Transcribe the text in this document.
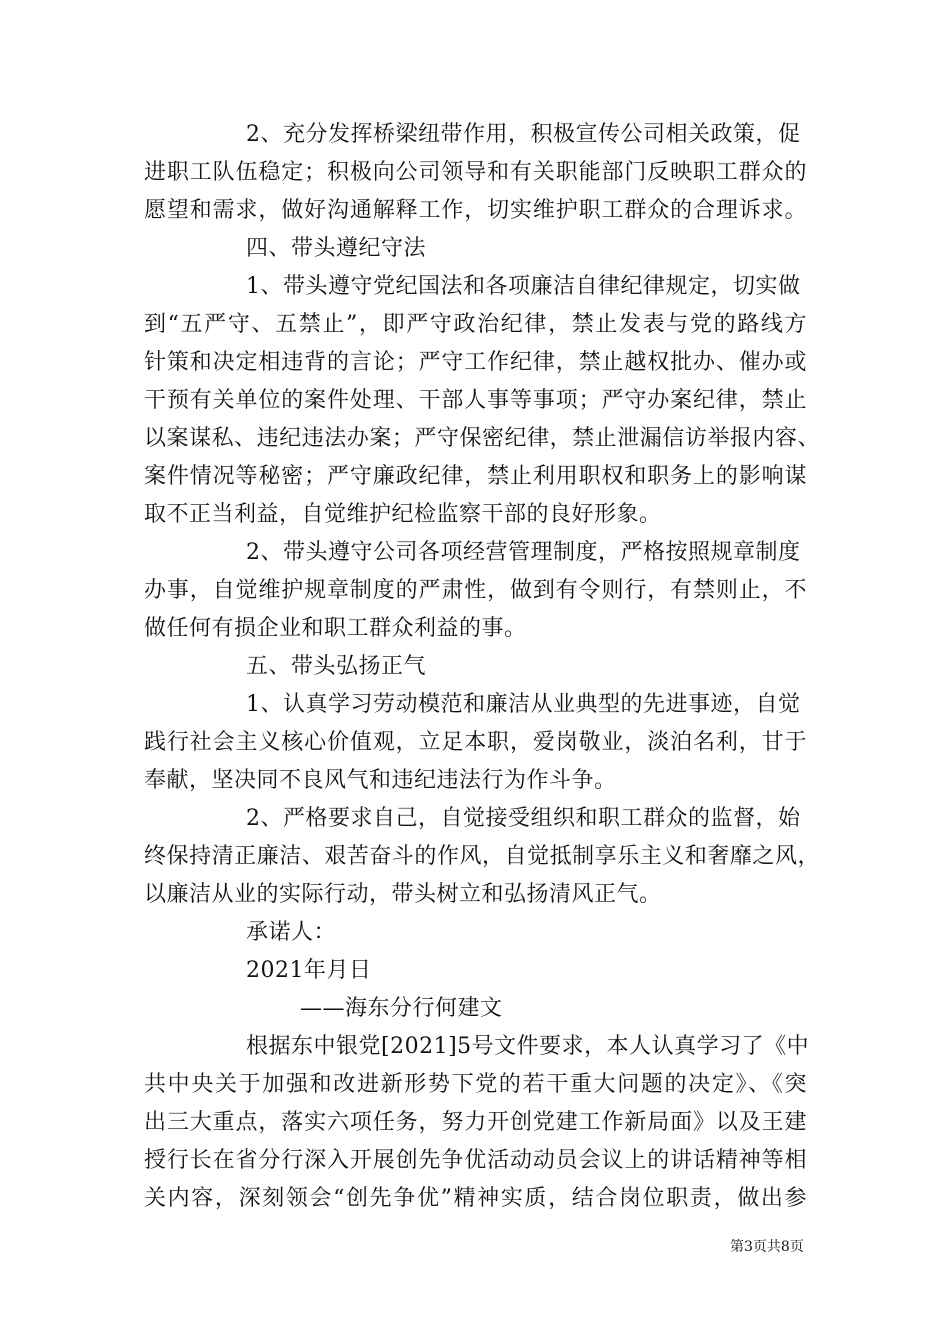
2、充分发挥桥梁纽带作用，积极宣传公司相关政策，促
进职工队伍稳定；积极向公司领导和有关职能部门反映职工群众的
愿望和需求，做好沟通解释工作，切实维护职工群众的合理诉求。
四、带头遵纪守法
1、带头遵守党纪国法和各项廉洁自律纪律规定，切实做
到“五严守、五禁止”，即严守政治纪律，禁止发表与党的路线方
针策和决定相违背的言论；严守工作纪律，禁止越权批办、催办或
干预有关单位的案件处理、干部人事等事项；严守办案纪律，禁止
以案谋私、违纪违法办案；严守保密纪律，禁止泄漏信访举报内容、
案件情况等秘密；严守廉政纪律，禁止利用职权和职务上的影响谋
取不正当利益，自觉维护纪检监察干部的良好形象。
2、带头遵守公司各项经营管理制度，严格按照规章制度
办事，自觉维护规章制度的严肃性，做到有令则行，有禁则止，不
做任何有损企业和职工群众利益的事。
五、带头弘扬正气
1、认真学习劳动模范和廉洁从业典型的先进事迹，自觉
践行社会主义核心价值观，立足本职，爱岗敬业，淡泊名利，甘于
奉献，坚决同不良风气和违纪违法行为作斗争。
2、严格要求自己，自觉接受组织和职工群众的监督，始
终保持清正廉洁、艰苦奋斗的作风，自觉抵制享乐主义和奢靡之风，
以廉洁从业的实际行动，带头树立和弘扬清风正气。
承诺人：
2021年月日
——海东分行何建文
根据东中银党[2021]5号文件要求，本人认真学习了《中
共中央关于加强和改进新形势下党的若干重大问题的决定》、《突
出三大重点，落实六项任务，努力开创党建工作新局面》以及王建
授行长在省分行深入开展创先争优活动动员会议上的讲话精神等相
关内容，深刻领会“创先争优”精神实质，结合岗位职责，做出参
第3页共8页
